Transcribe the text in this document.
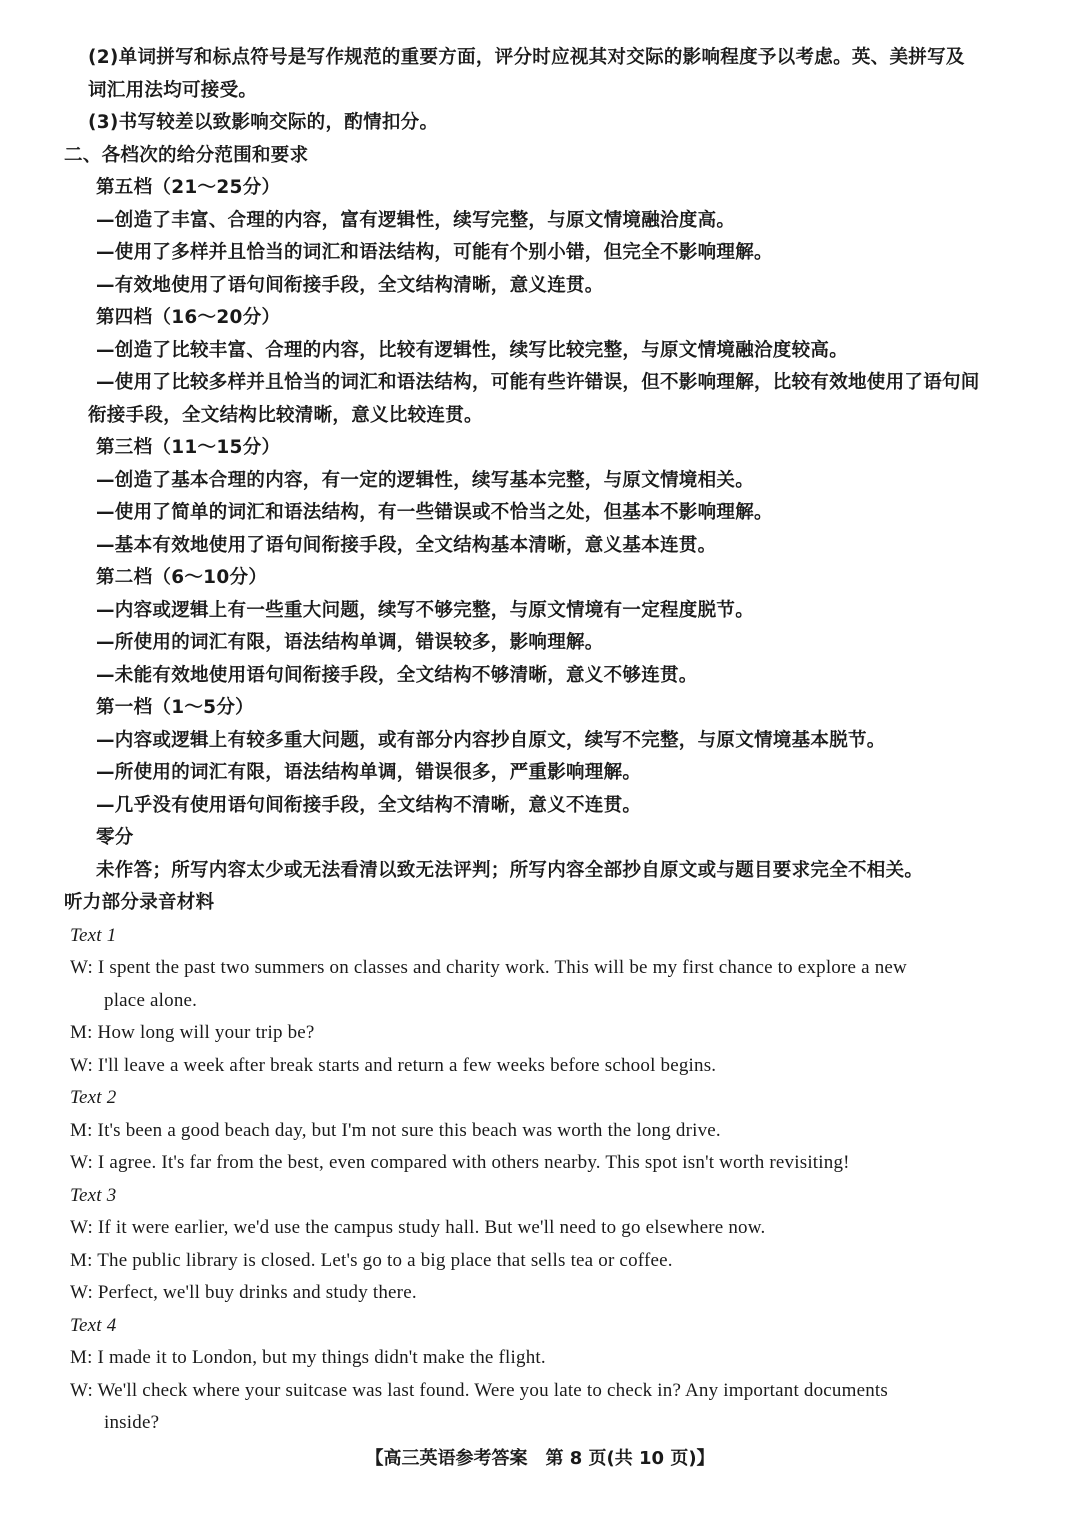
(2)单词拼写和标点符号是写作规范的重要方面，评分时应视其对交际的影响程度予以考虑。英、美拼写及
词汇用法均可接受。
(3)书写较差以致影响交际的，酌情扣分。
二、各档次的给分范围和要求
第五档（21～25分）
—创造了丰富、合理的内容，富有逻辑性，续写完整，与原文情境融洽度高。
—使用了多样并且恰当的词汇和语法结构，可能有个别小错，但完全不影响理解。
—有效地使用了语句间衔接手段，全文结构清晰，意义连贯。
第四档（16～20分）
—创造了比较丰富、合理的内容，比较有逻辑性，续写比较完整，与原文情境融洽度较高。
—使用了比较多样并且恰当的词汇和语法结构，可能有些许错误，但不影响理解，比较有效地使用了语句间
衔接手段，全文结构比较清晰，意义比较连贯。
第三档（11～15分）
—创造了基本合理的内容，有一定的逻辑性，续写基本完整，与原文情境相关。
—使用了简单的词汇和语法结构，有一些错误或不恰当之处，但基本不影响理解。
—基本有效地使用了语句间衔接手段，全文结构基本清晰，意义基本连贯。
第二档（6～10分）
—内容或逻辑上有一些重大问题，续写不够完整，与原文情境有一定程度脱节。
—所使用的词汇有限，语法结构单调，错误较多，影响理解。
—未能有效地使用语句间衔接手段，全文结构不够清晰，意义不够连贯。
第一档（1～5分）
—内容或逻辑上有较多重大问题，或有部分内容抄自原文，续写不完整，与原文情境基本脱节。
—所使用的词汇有限，语法结构单调，错误很多，严重影响理解。
—几乎没有使用语句间衔接手段，全文结构不清晰，意义不连贯。
零分
未作答；所写内容太少或无法看清以致无法评判；所写内容全部抄自原文或与题目要求完全不相关。
听力部分录音材料
Text 1
W: I spent the past two summers on classes and charity work. This will be my first chance to explore a new
place alone.
M: How long will your trip be?
W: I'll leave a week after break starts and return a few weeks before school begins.
Text 2
M: It's been a good beach day, but I'm not sure this beach was worth the long drive.
W: I agree. It's far from the best, even compared with others nearby. This spot isn't worth revisiting!
Text 3
W: If it were earlier, we'd use the campus study hall. But we'll need to go elsewhere now.
M: The public library is closed. Let's go to a big place that sells tea or coffee.
W: Perfect, we'll buy drinks and study there.
Text 4
M: I made it to London, but my things didn't make the flight.
W: We'll check where your suitcase was last found. Were you late to check in? Any important documents
inside?
【高三英语参考答案　第 8 页(共 10 页)】
